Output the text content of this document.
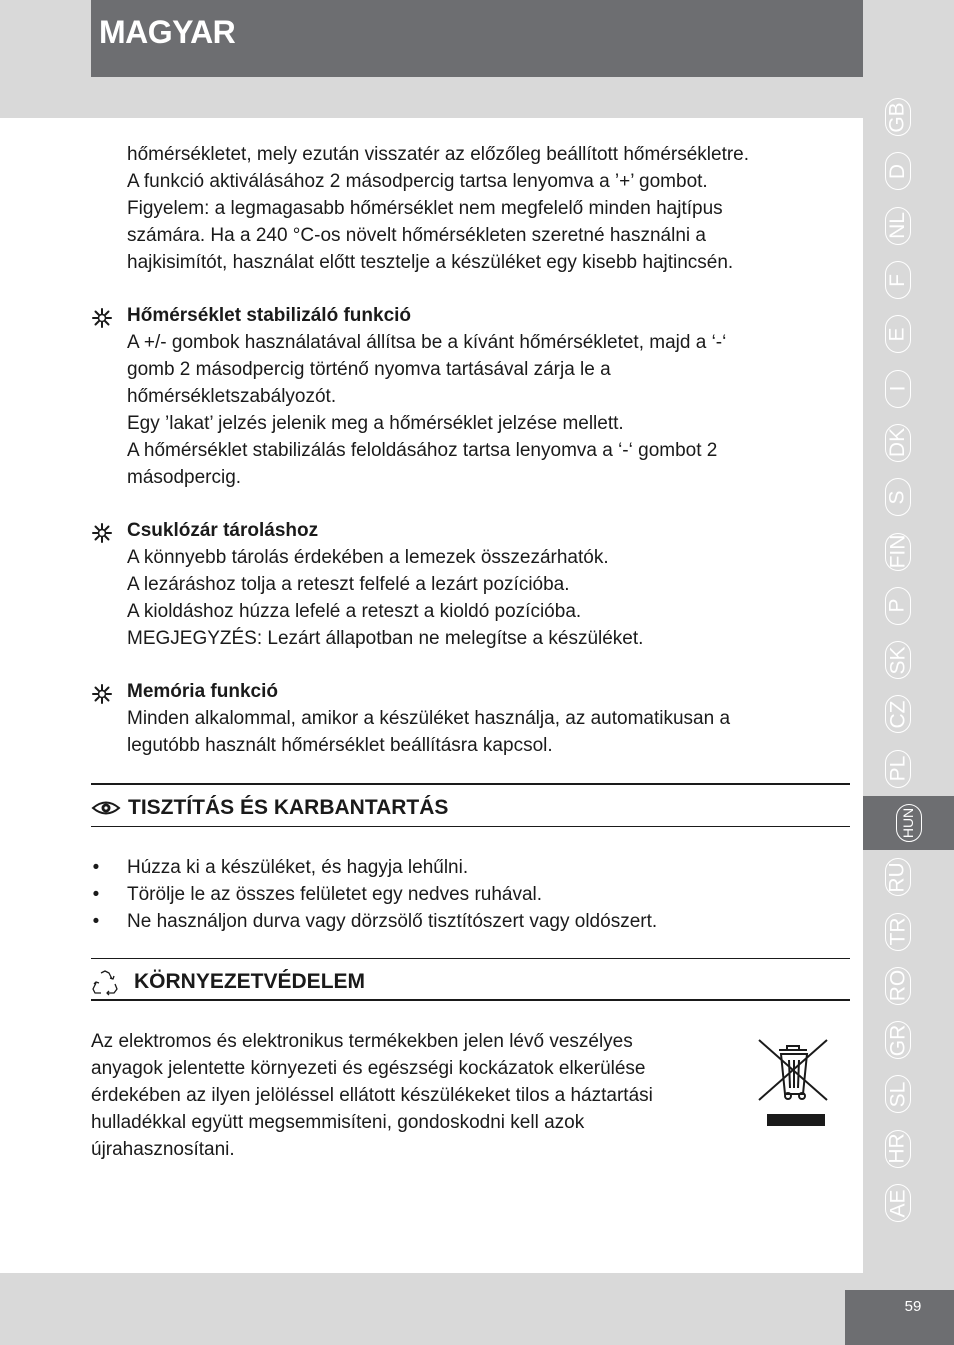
MAGYAR

hőmérsékletet, mely ezután visszatér az előzőleg beállított hőmérsékletre.

A funkció aktiválásához 2 másodpercig tartsa lenyomva a ’+’ gombot.

Figyelem: a legmagasabb hőmérséklet nem megfelelő minden hajtípus

számára. Ha a 240 °C-os növelt hőmérsékleten szeretné használni a

hajkisimítót, használat előtt tesztelje a készüléket egy kisebb hajtincsén.

Hőmérséklet stabilizáló funkció

A +/- gombok használatával állítsa be a kívánt hőmérsékletet, majd a ‘-‘

gomb 2 másodpercig történő nyomva tartásával zárja le a

hőmérsékletszabályozót.

Egy ’lakat’ jelzés jelenik meg a hőmérséklet jelzése mellett.

A hőmérséklet stabilizálás feloldásához tartsa lenyomva a ‘-‘ gombot 2

másodpercig.

Csuklózár tároláshoz

A könnyebb tárolás érdekében a lemezek összezárhatók.

A lezáráshoz tolja a reteszt felfelé a lezárt pozícióba.

A kioldáshoz húzza lefelé a reteszt a kioldó pozícióba.

MEGJEGYZÉS: Lezárt állapotban ne melegítse a készüléket.

Memória funkció

Minden alkalommal, amikor a készüléket használja, az automatikusan a

legutóbb használt hőmérséklet beállításra kapcsol.

TISZTÍTÁS ÉS KARBANTARTÁS
• Húzza ki a készüléket, és hagyja lehűlni.
• Törölje le az összes felületet egy nedves ruhával.
• Ne használjon durva vagy dörzsölő tisztítószert vagy oldószert.
KÖRNYEZETVÉDELEM

Az elektromos és elektronikus termékekben jelen lévő veszélyes

anyagok jelentette környezeti és egészségi kockázatok elkerülése

érdekében az ilyen jelöléssel ellátott készülékeket tilos a háztartási

hulladékkal együtt megsemmisíteni, gondoskodni kell azok

újrahasznosítani.

GB
D
NL
F
E
I
DK
S
FIN
P
SK
CZ
PL
HUN
RU
TR
RO
GR
SL
HR
AE
59
